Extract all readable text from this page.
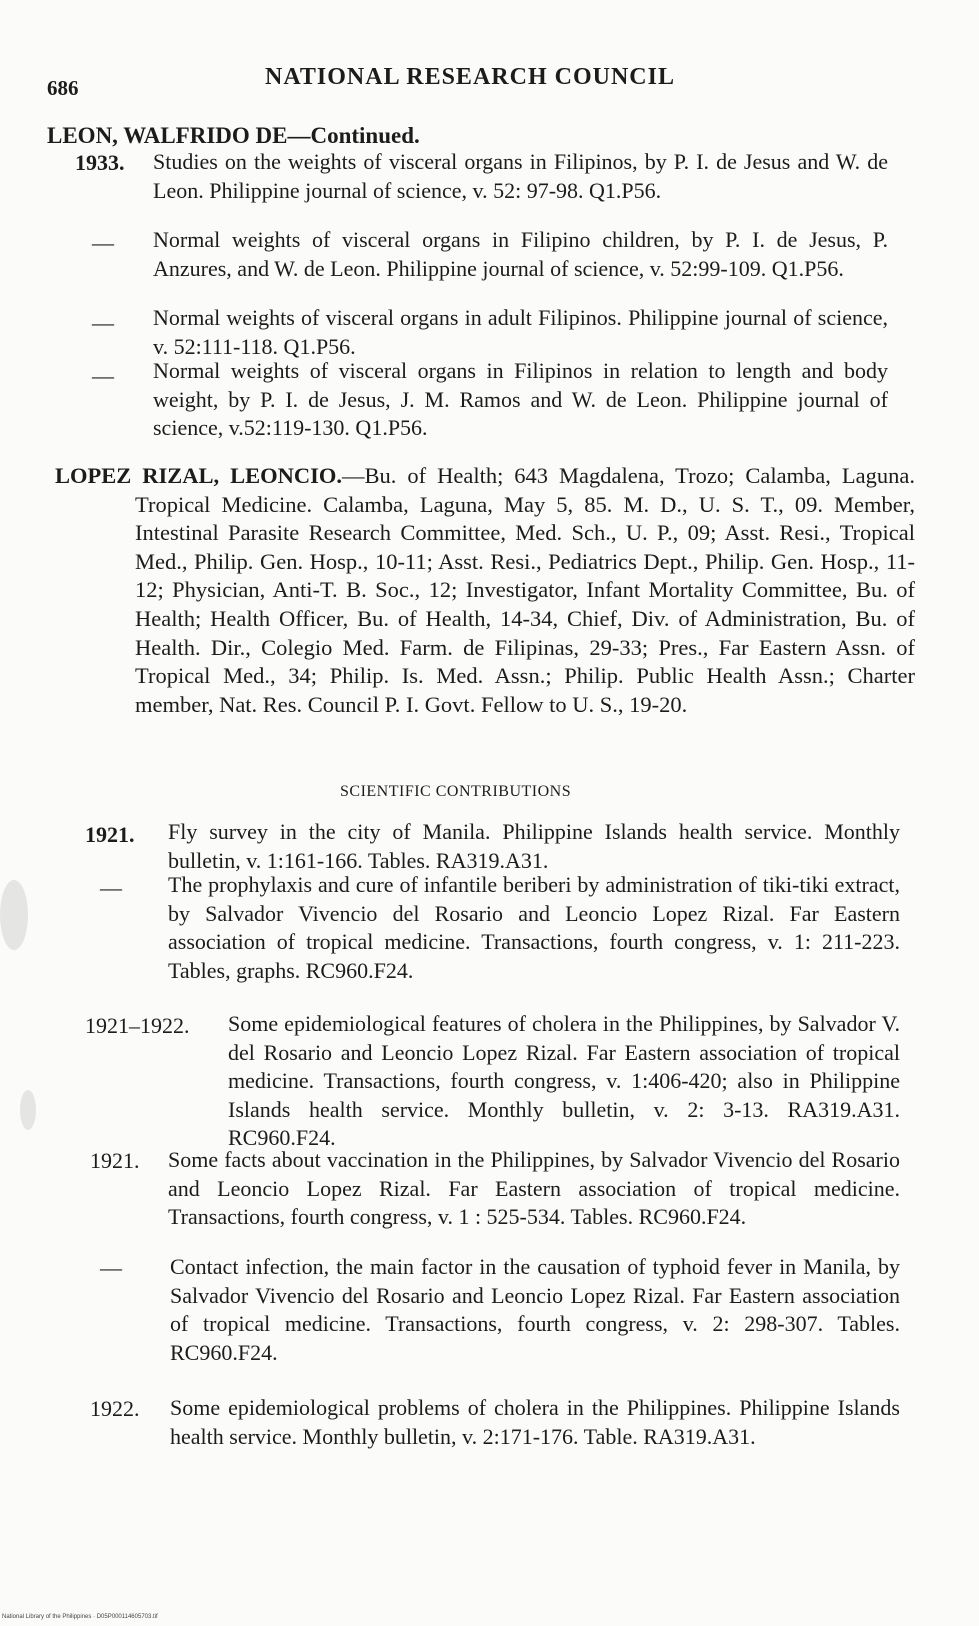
686	NATIONAL RESEARCH COUNCIL
LEON, WALFRIDO DE—Continued.
1933. Studies on the weights of visceral organs in Filipinos, by P. I. de Jesus and W. de Leon. Philippine journal of science, v. 52: 97-98. Q1.P56.
— Normal weights of visceral organs in Filipino children, by P. I. de Jesus, P. Anzures, and W. de Leon. Philippine journal of science, v. 52:99-109. Q1.P56.
— Normal weights of visceral organs in adult Filipinos. Philippine journal of science, v. 52:111-118. Q1.P56.
— Normal weights of visceral organs in Filipinos in relation to length and body weight, by P. I. de Jesus, J. M. Ramos and W. de Leon. Philippine journal of science, v.52:119-130. Q1.P56.
LOPEZ RIZAL, LEONCIO.—Bu. of Health; 643 Magdalena, Trozo; Calamba, Laguna. Tropical Medicine. Calamba, Laguna, May 5, 85. M. D., U. S. T., 09. Member, Intestinal Parasite Research Committee, Med. Sch., U. P., 09; Asst. Resi., Tropical Med., Philip. Gen. Hosp., 10-11; Asst. Resi., Pediatrics Dept., Philip. Gen. Hosp., 11-12; Physician, Anti-T. B. Soc., 12; Investigator, Infant Mortality Committee, Bu. of Health; Health Officer, Bu. of Health, 14-34, Chief, Div. of Administration, Bu. of Health. Dir., Colegio Med. Farm. de Filipinas, 29-33; Pres., Far Eastern Assn. of Tropical Med., 34; Philip. Is. Med. Assn.; Philip. Public Health Assn.; Charter member, Nat. Res. Council P. I. Govt. Fellow to U. S., 19-20.
SCIENTIFIC CONTRIBUTIONS
1921. Fly survey in the city of Manila. Philippine Islands health service. Monthly bulletin, v. 1:161-166. Tables. RA319.A31.
— The prophylaxis and cure of infantile beriberi by administration of tiki-tiki extract, by Salvador Vivencio del Rosario and Leoncio Lopez Rizal. Far Eastern association of tropical medicine. Transactions, fourth congress, v. 1: 211-223. Tables, graphs. RC960.F24.
1921–1922. Some epidemiological features of cholera in the Philippines, by Salvador V. del Rosario and Leoncio Lopez Rizal. Far Eastern association of tropical medicine. Transactions, fourth congress, v. 1:406-420; also in Philippine Islands health service. Monthly bulletin, v. 2: 3-13. RA319.A31. RC960.F24.
1921. Some facts about vaccination in the Philippines, by Salvador Vivencio del Rosario and Leoncio Lopez Rizal. Far Eastern association of tropical medicine. Transactions, fourth congress, v. 1 : 525-534. Tables. RC960.F24.
— Contact infection, the main factor in the causation of typhoid fever in Manila, by Salvador Vivencio del Rosario and Leoncio Lopez Rizal. Far Eastern association of tropical medicine. Transactions, fourth congress, v. 2: 298-307. Tables. RC960.F24.
1922. Some epidemiological problems of cholera in the Philippines. Philippine Islands health service. Monthly bulletin, v. 2:171-176. Table. RA319.A31.
National Library of the Philippines · D05P000114605703.tif
